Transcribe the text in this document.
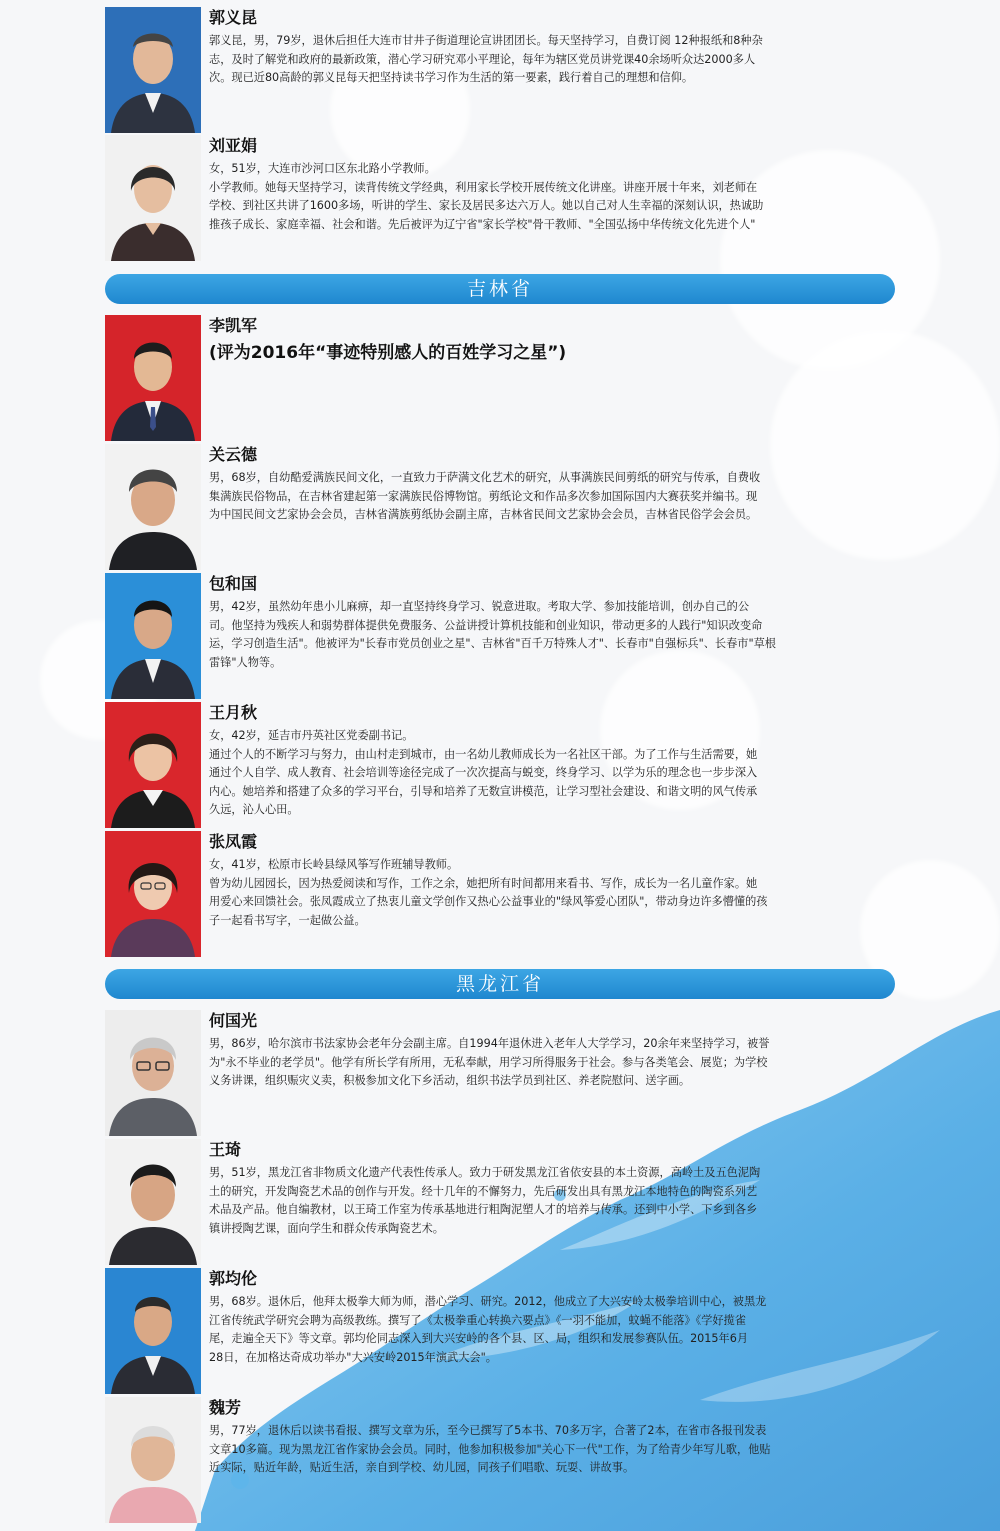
郭义昆

郭义昆，男，79岁，退休后担任大连市甘井子街道理论宣讲团团长。每天坚持学习，自费订阅 12种报纸和8种杂
志，及时了解党和政府的最新政策，潜心学习研究邓小平理论，每年为辖区党员讲党课40余场听众达2000多人
次。现已近80高龄的郭义昆每天把坚持读书学习作为生活的第一要素，践行着自己的理想和信仰。

刘亚娟

女，51岁，大连市沙河口区东北路小学教师。
小学教师。她每天坚持学习，读背传统文学经典，利用家长学校开展传统文化讲座。讲座开展十年来，刘老师在
学校、到社区共讲了1600多场，听讲的学生、家长及居民多达六万人。她以自己对人生幸福的深刻认识，热诚助
推孩子成长、家庭幸福、社会和谐。先后被评为辽宁省"家长学校"骨干教师、"全国弘扬中华传统文化先进个人"

吉林省
李凯军

(评为2016年“事迹特别感人的百姓学习之星”)

关云德

男，68岁，自幼酷爱满族民间文化，一直致力于萨满文化艺术的研究，从事满族民间剪纸的研究与传承，自费收
集满族民俗物品，在吉林省建起第一家满族民俗博物馆。剪纸论文和作品多次参加国际国内大赛获奖并编书。现
为中国民间文艺家协会会员，吉林省满族剪纸协会副主席，吉林省民间文艺家协会会员，吉林省民俗学会会员。

包和国

男，42岁，虽然幼年患小儿麻痹，却一直坚持终身学习、锐意进取。考取大学、参加技能培训，创办自己的公
司。他坚持为残疾人和弱势群体提供免费服务、公益讲授计算机技能和创业知识，带动更多的人践行"知识改变命
运，学习创造生活"。他被评为"长春市党员创业之星"、吉林省"百千万特殊人才"、长春市"自强标兵"、长春市"草根
雷锋"人物等。

王月秋

女，42岁，延吉市丹英社区党委副书记。
通过个人的不断学习与努力，由山村走到城市，由一名幼儿教师成长为一名社区干部。为了工作与生活需要，她
通过个人自学、成人教育、社会培训等途径完成了一次次提高与蜕变，终身学习、以学为乐的理念也一步步深入
内心。她培养和搭建了众多的学习平台，引导和培养了无数宣讲模范，让学习型社会建设、和谐文明的风气传承
久远，沁人心田。

张凤霞

女，41岁，松原市长岭县绿风筝写作班辅导教师。
曾为幼儿园园长，因为热爱阅读和写作，工作之余，她把所有时间都用来看书、写作，成长为一名儿童作家。她
用爱心来回馈社会。张凤霞成立了热衷儿童文学创作又热心公益事业的"绿风筝爱心团队"，带动身边许多懵懂的孩
子一起看书写字，一起做公益。

黑龙江省
何国光

男，86岁，哈尔滨市书法家协会老年分会副主席。自1994年退休进入老年人大学学习，20余年来坚持学习，被誉
为"永不毕业的老学员"。他学有所长学有所用，无私奉献，用学习所得服务于社会。参与各类笔会、展览；为学校
义务讲课，组织赈灾义卖，积极参加文化下乡活动，组织书法学员到社区、养老院慰问、送字画。

王琦

男，51岁，黑龙江省非物质文化遗产代表性传承人。致力于研发黑龙江省依安县的本土资源，高岭土及五色泥陶
土的研究，开发陶瓷艺术品的创作与开发。经十几年的不懈努力，先后研发出具有黑龙江本地特色的陶瓷系列艺
术品及产品。他自编教材，以王琦工作室为传承基地进行粗陶泥塑人才的培养与传承。还到中小学、下乡到各乡
镇讲授陶艺课，面向学生和群众传承陶瓷艺术。

郭均伦

男，68岁。退休后，他拜太极拳大师为师，潜心学习、研究。2012，他成立了大兴安岭太极拳培训中心，被黑龙
江省传统武学研究会聘为高级教练。撰写了《太极拳重心转换六要点》《一羽不能加，蚊蝇不能落》《学好揽雀
尾，走遍全天下》等文章。郭均伦同志深入到大兴安岭的各个县、区、局，组织和发展参赛队伍。2015年6月
28日，在加格达奇成功举办"大兴安岭2015年演武大会"。

魏芳

男，77岁，退休后以读书看报、撰写文章为乐，至今已撰写了5本书、70多万字，合著了2本，在省市各报刊发表
文章10多篇。现为黑龙江省作家协会会员。同时，他参加积极参加"关心下一代"工作，为了给青少年写儿歌，他贴
近实际，贴近年龄，贴近生活，亲自到学校、幼儿园，同孩子们唱歌、玩耍、讲故事。
